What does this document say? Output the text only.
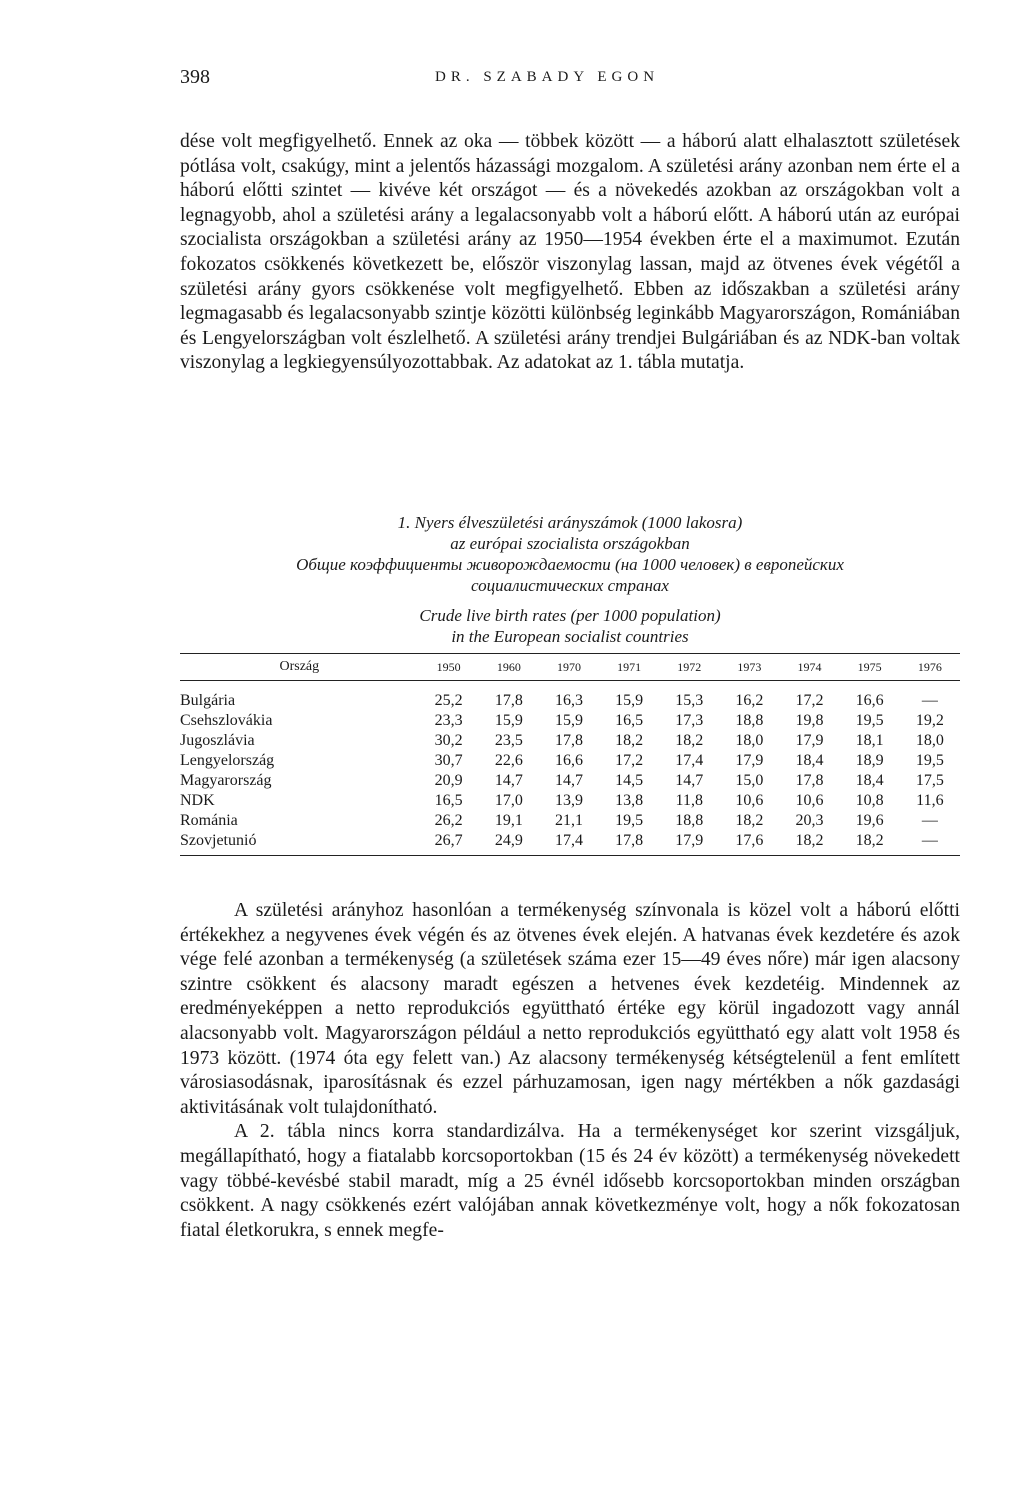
398	DR. SZABADY EGON

dése volt megfigyelhető. Ennek az oka — többek között — a háború alatt elhalasztott születések pótlása volt, csakúgy, mint a jelentős házassági mozgalom. A születési arány azonban nem érte el a háború előtti szintet — kivéve két országot — és a növekedés azokban az országokban volt a legnagyobb, ahol a születési arány a legalacsonyabb volt a háború előtt. A háború után az európai szocialista országokban a születési arány az 1950—1954 években érte el a maximumot. Ezután fokozatos csökkenés következett be, először viszonylag lassan, majd az ötvenes évek végétől a születési arány gyors csökkenése volt megfigyelhető. Ebben az időszakban a születési arány legmagasabb és legalacsonyabb szintje közötti különbség leginkább Magyarországon, Romániában és Lengyelországban volt észlelhető. A születési arány trendjei Bulgáriában és az NDK-ban voltak viszonylag a legkiegyensúlyozottabbak. Az adatokat az 1. tábla mutatja.

1. Nyers élveszületési arányszámok (1000 lakosra)
az európai szocialista országokban
Общие коэффициенты живорождаемости (на 1000 человек) в европейских
социалистических странах
Crude live birth rates (per 1000 population)
in the European socialist countries
Ország	1950	1960	1970	1971	1972	1973	1974	1975	1976
Bulgária	25,2	17,8	16,3	15,9	15,3	16,2	17,2	16,6	—
Csehszlovákia	23,3	15,9	15,9	16,5	17,3	18,8	19,8	19,5	19,2
Jugoszlávia	30,2	23,5	17,8	18,2	18,2	18,0	17,9	18,1	18,0
Lengyelország	30,7	22,6	16,6	17,2	17,4	17,9	18,4	18,9	19,5
Magyarország	20,9	14,7	14,7	14,5	14,7	15,0	17,8	18,4	17,5
NDK	16,5	17,0	13,9	13,8	11,8	10,6	10,6	10,8	11,6
Románia	26,2	19,1	21,1	19,5	18,8	18,2	20,3	19,6	—
Szovjetunió	26,7	24,9	17,4	17,8	17,9	17,6	18,2	18,2	—

A születési arányhoz hasonlóan a termékenység színvonala is közel volt a háború előtti értékekhez a negyvenes évek végén és az ötvenes évek elején. A hatvanas évek kezdetére és azok vége felé azonban a termékenység (a születések száma ezer 15—49 éves nőre) már igen alacsony szintre csökkent és alacsony maradt egészen a hetvenes évek kezdetéig. Mindennek az eredményeképpen a netto reprodukciós együttható értéke egy körül ingadozott vagy annál alacsonyabb volt. Magyarországon például a netto reprodukciós együttható egy alatt volt 1958 és 1973 között. (1974 óta egy felett van.) Az alacsony termékenység kétségtelenül a fent említett városiasodásnak, iparosításnak és ezzel párhuzamosan, igen nagy mértékben a nők gazdasági aktivitásának volt tulajdonítható.

A 2. tábla nincs korra standardizálva. Ha a termékenységet kor szerint vizsgáljuk, megállapítható, hogy a fiatalabb korcsoportokban (15 és 24 év között) a termékenység növekedett vagy többé-kevésbé stabil maradt, míg a 25 évnél idősebb korcsoportokban minden országban csökkent. A nagy csökkenés ezért valójában annak következménye volt, hogy a nők fokozatosan fiatal életkorukra, s ennek megfe-
